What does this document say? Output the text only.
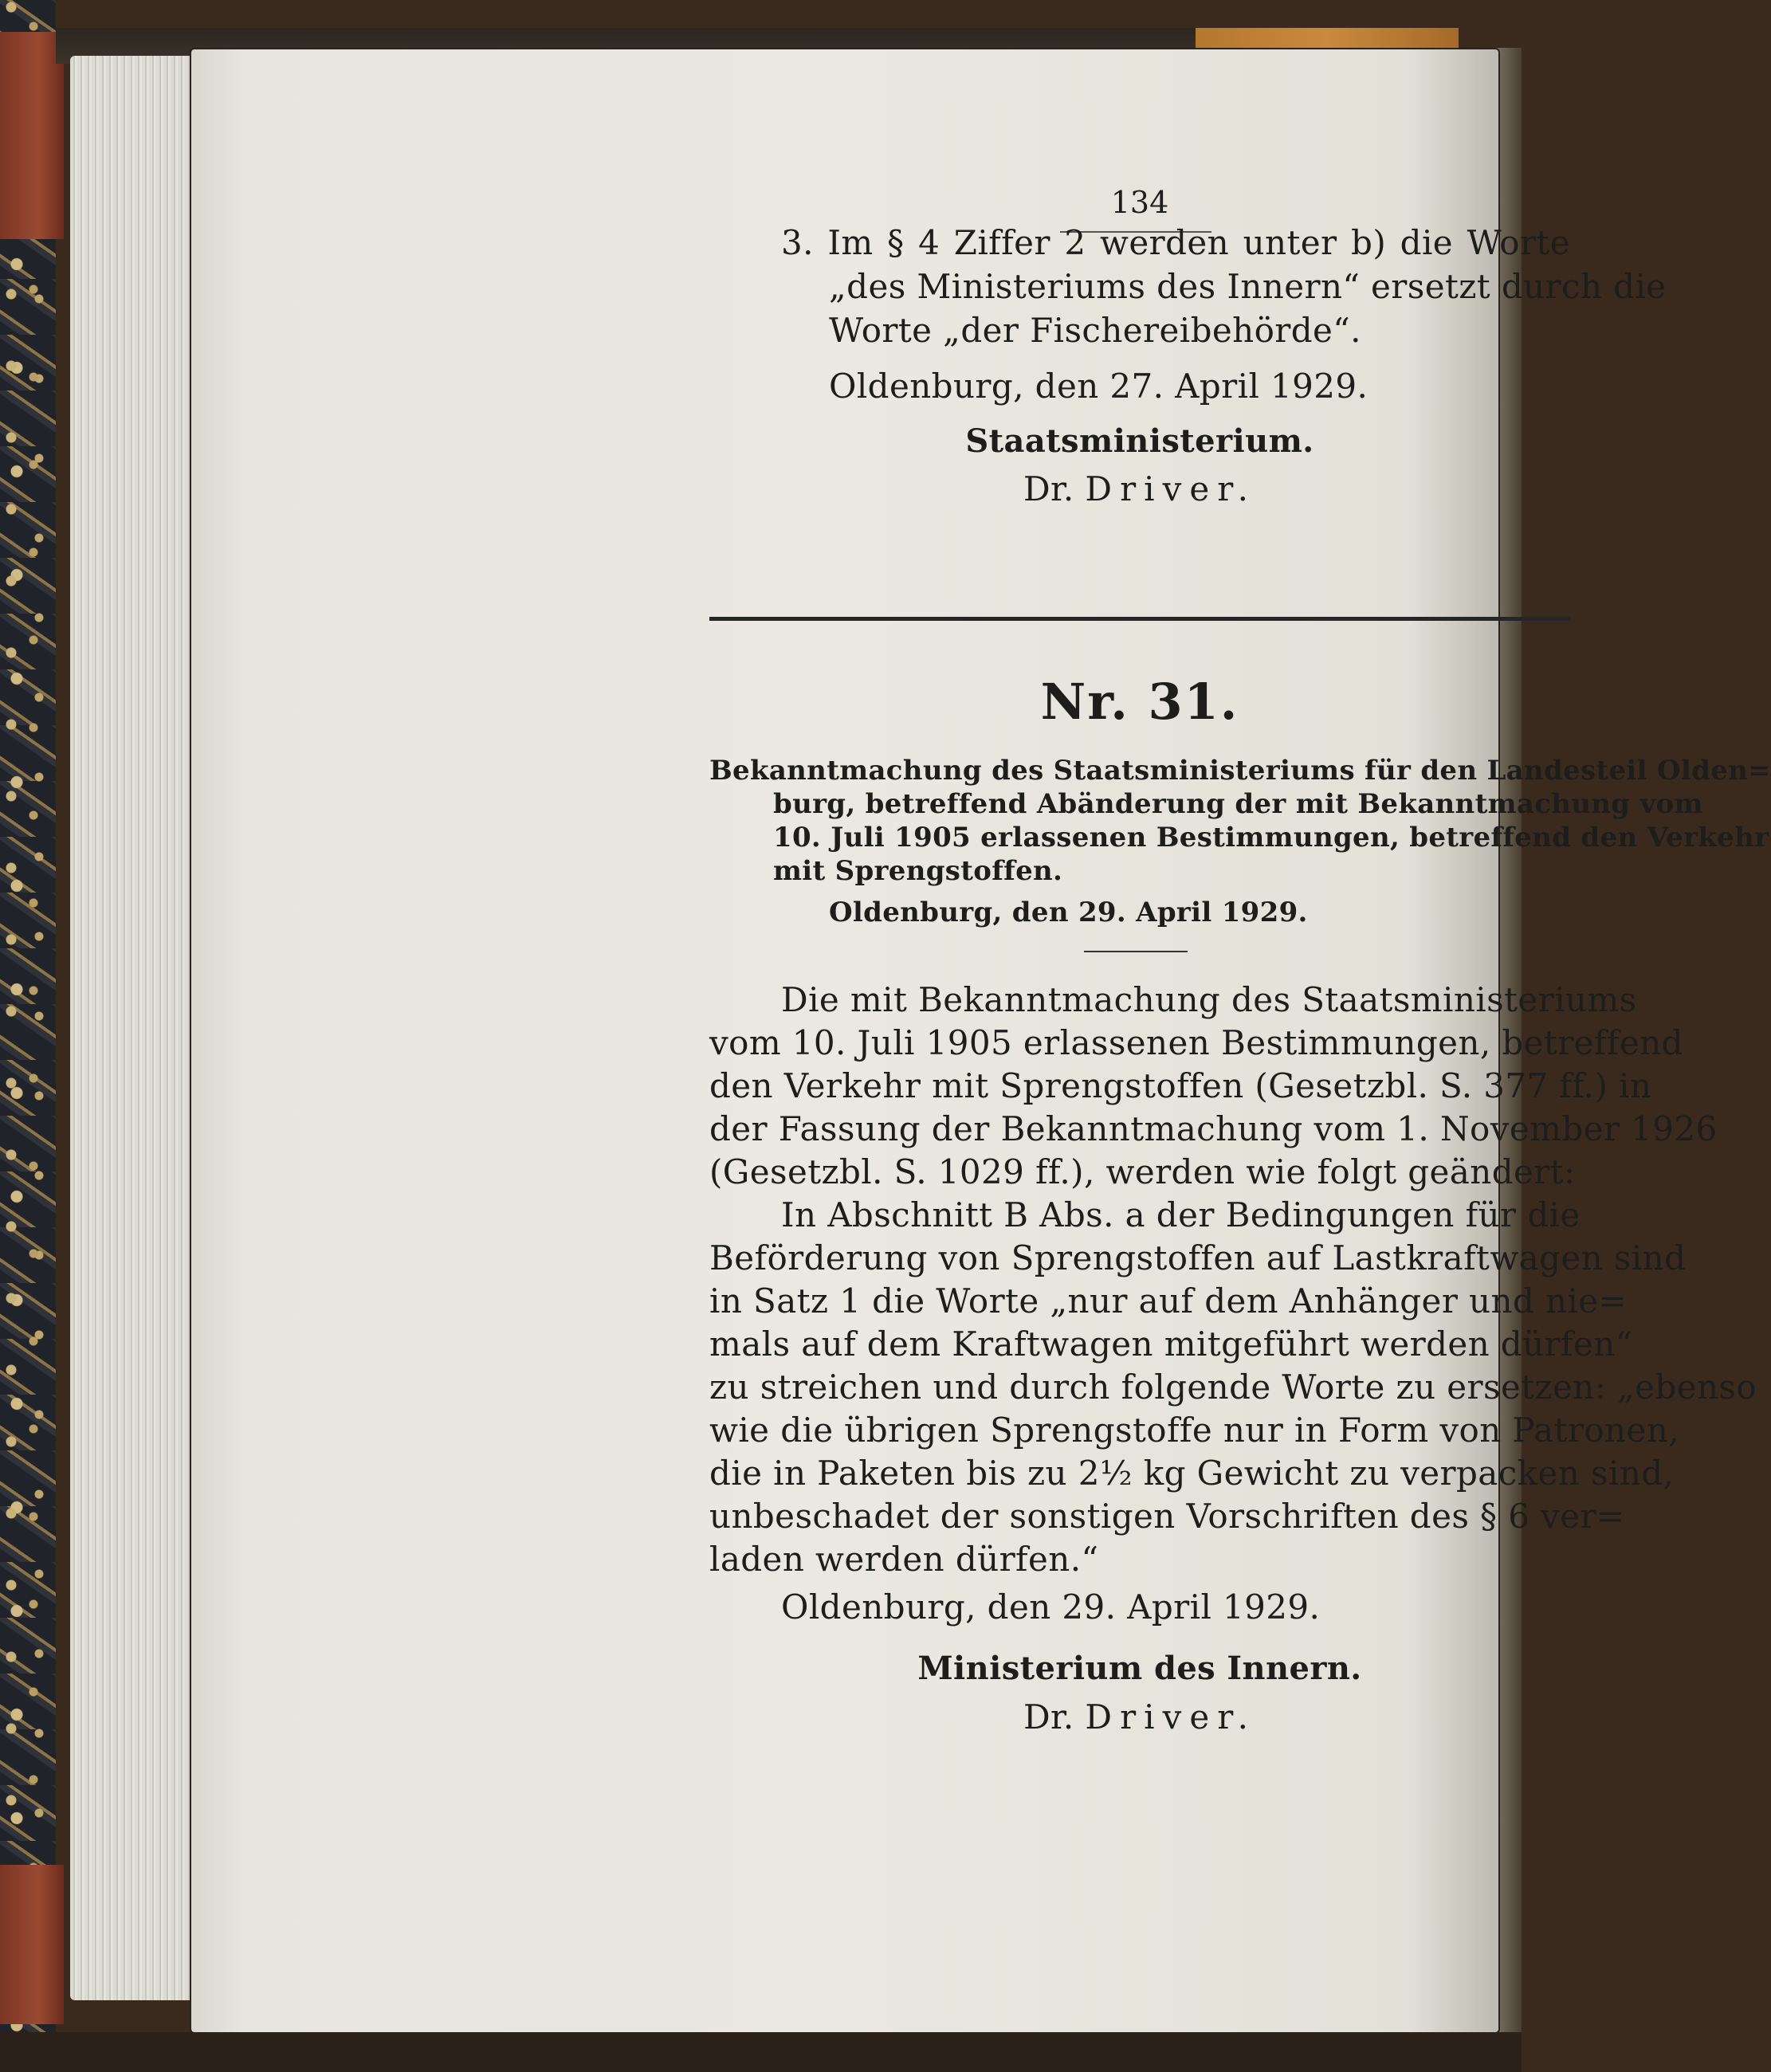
134
3. Im § 4 Ziffer 2 werden unter b) die Worte
„des Ministeriums des Innern“ ersetzt durch die
Worte „der Fischereibehörde“.
Oldenburg, den 27. April 1929.
Staatsministerium.
Dr. Driver.
Nr. 31.
Bekanntmachung des Staatsministeriums für den Landesteil Olden=
burg, betreffend Abänderung der mit Bekanntmachung vom
10. Juli 1905 erlassenen Bestimmungen, betreffend den Verkehr
mit Sprengstoffen.
Oldenburg, den 29. April 1929.
Die mit Bekanntmachung des Staatsministeriums
vom 10. Juli 1905 erlassenen Bestimmungen, betreffend
den Verkehr mit Sprengstoffen (Gesetzbl. S. 377 ff.) in
der Fassung der Bekanntmachung vom 1. November 1926
(Gesetzbl. S. 1029 ff.), werden wie folgt geändert:
In Abschnitt B Abs. a der Bedingungen für die
Beförderung von Sprengstoffen auf Lastkraftwagen sind
in Satz 1 die Worte „nur auf dem Anhänger und nie=
mals auf dem Kraftwagen mitgeführt werden dürfen“
zu streichen und durch folgende Worte zu ersetzen: „ebenso
wie die übrigen Sprengstoffe nur in Form von Patronen,
die in Paketen bis zu 2½ kg Gewicht zu verpacken sind,
unbeschadet der sonstigen Vorschriften des § 6 ver=
laden werden dürfen.“
Oldenburg, den 29. April 1929.
Ministerium des Innern.
Dr. Driver.
